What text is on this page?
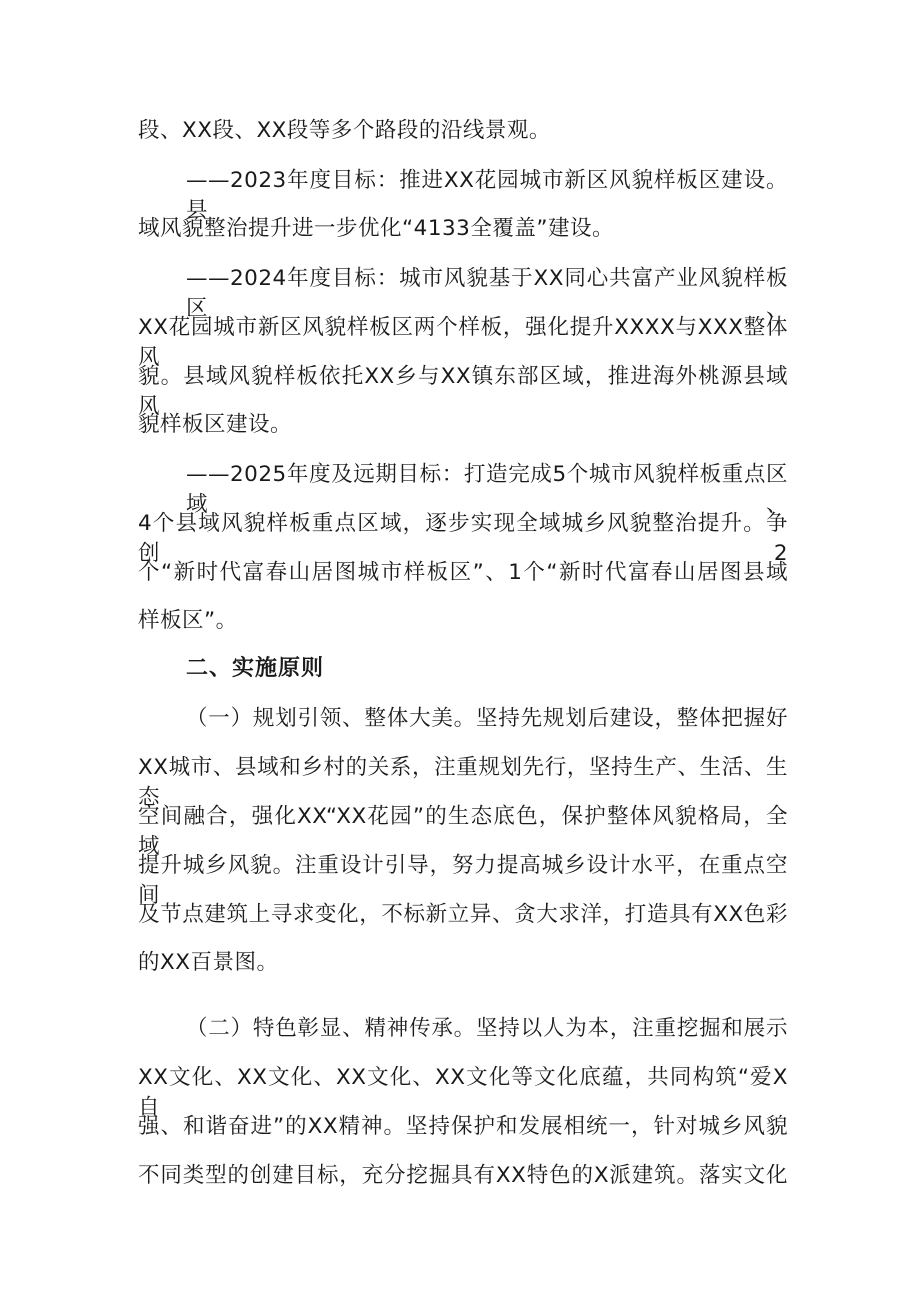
段、XX段、XX段等多个路段的沿线景观。
——2023年度目标：推进XX花园城市新区风貌样板区建设。县
域风貌整治提升进一步优化“4133全覆盖”建设。
——2024年度目标：城市风貌基于XX同心共富产业风貌样板区、
XX花园城市新区风貌样板区两个样板，强化提升XXXX与XXX整体风
貌。县域风貌样板依托XX乡与XX镇东部区域，推进海外桃源县域风
貌样板区建设。
——2025年度及远期目标：打造完成5个城市风貌样板重点区域、
4个县域风貌样板重点区域，逐步实现全域城乡风貌整治提升。争创2
个“新时代富春山居图城市样板区”、1个“新时代富春山居图县域
样板区”。
二、实施原则
（一）规划引领、整体大美。坚持先规划后建设，整体把握好
XX城市、县域和乡村的关系，注重规划先行，坚持生产、生活、生态
空间融合，强化XX“XX花园”的生态底色，保护整体风貌格局，全域
提升城乡风貌。注重设计引导，努力提高城乡设计水平，在重点空间
及节点建筑上寻求变化，不标新立异、贪大求洋，打造具有XX色彩
的XX百景图。
（二）特色彰显、精神传承。坚持以人为本，注重挖掘和展示
XX文化、XX文化、XX文化、XX文化等文化底蕴，共同构筑“爱X自
强、和谐奋进”的XX精神。坚持保护和发展相统一，针对城乡风貌
不同类型的创建目标，充分挖掘具有XX特色的X派建筑。落实文化
